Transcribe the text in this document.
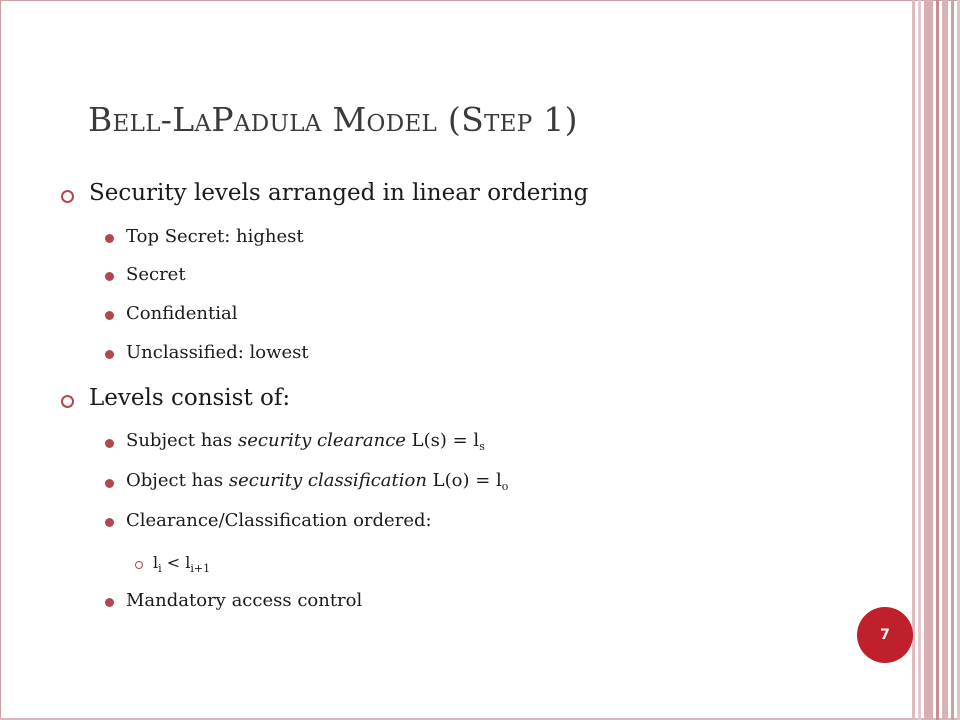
Bell-LaPadula Model (Step 1)
Security levels arranged in linear ordering
Top Secret: highest
Secret
Confidential
Unclassified: lowest
Levels consist of:
Subject has security clearance $L(s) = l_s$
Object has security classification $L(o) = l_o$
Clearance/Classification ordered:
$l_i < l_{i+1}$
Mandatory access control
7
